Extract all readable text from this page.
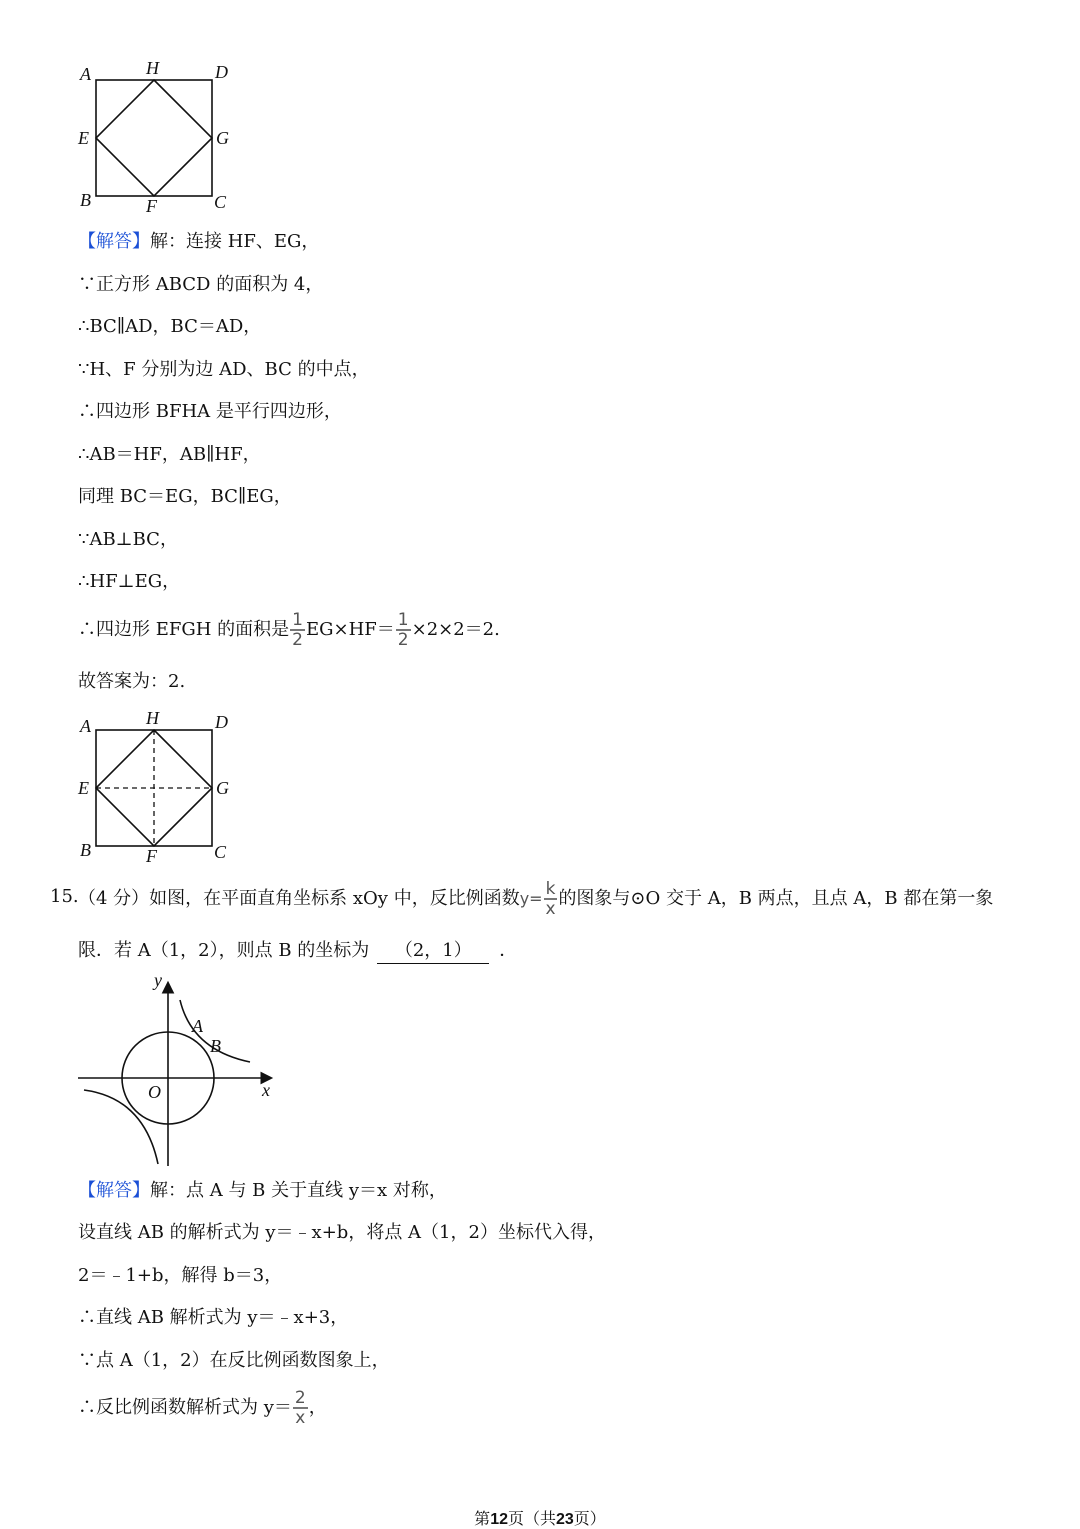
A	H	D
E	G
B	F	C
【解答】解：连接 HF、EG，
∵正方形 ABCD 的面积为 4，
∴BC∥AD，BC＝AD，
∵H、F 分别为边 AD、BC 的中点，
∴四边形 BFHA 是平行四边形，
∴AB＝HF，AB∥HF，
同理 BC＝EG，BC∥EG，
∵AB⊥BC，
∴HF⊥EG，
∴四边形 EFGH 的面积是 $\frac{1}{2} EG\times HF= \frac{1}{2} \times 2\times 2=2$.
故答案为：2.
A	H	D
E	G
B	F	C
15. （4 分）如图，在平面直角坐标系 xOy 中，反比例函数$y= \frac{k}{x}$ 的图象与⊙O 交于 A，B 两点，且点 A，B 都在第一象
限．若 A（1，2），则点 B 的坐标为 （2，1） ．
y
x
O
A
B
【解答】解：点 A 与 B 关于直线 y＝x 对称，
设直线 AB 的解析式为 y＝﹣x+b，将点 A（1，2）坐标代入得，
2＝﹣1+b，解得 b＝3，
∴直线 AB 解析式为 y＝﹣x+3，
∵点 A（1，2）在反比例函数图象上，
∴反比例函数解析式为 $y= \frac{2}{x}$ ，
第12页（共23页）
